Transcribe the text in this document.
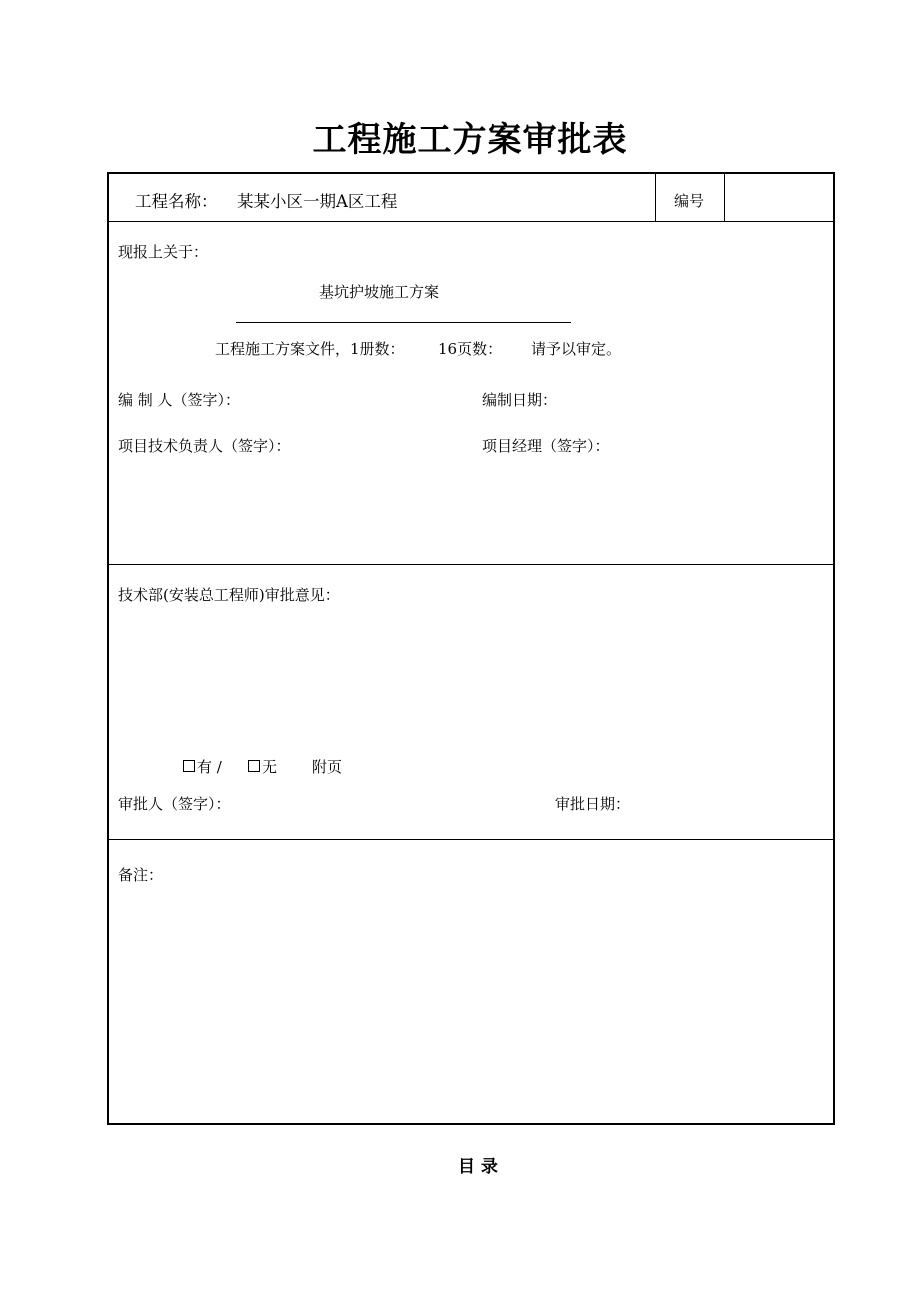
工程施工方案审批表
工程名称： 某某小区一期A区工程	编号
现报上关于：
基坑护坡施工方案
工程施工方案文件，1册数： 16页数： 请予以审定。
编 制 人（签字）：	编制日期：
项目技术负责人（签字）：	项目经理（签字）：
技术部(安装总工程师)审批意见：
有 /	无 附页
审批人（签字）：	审批日期：
备注：
目 录
